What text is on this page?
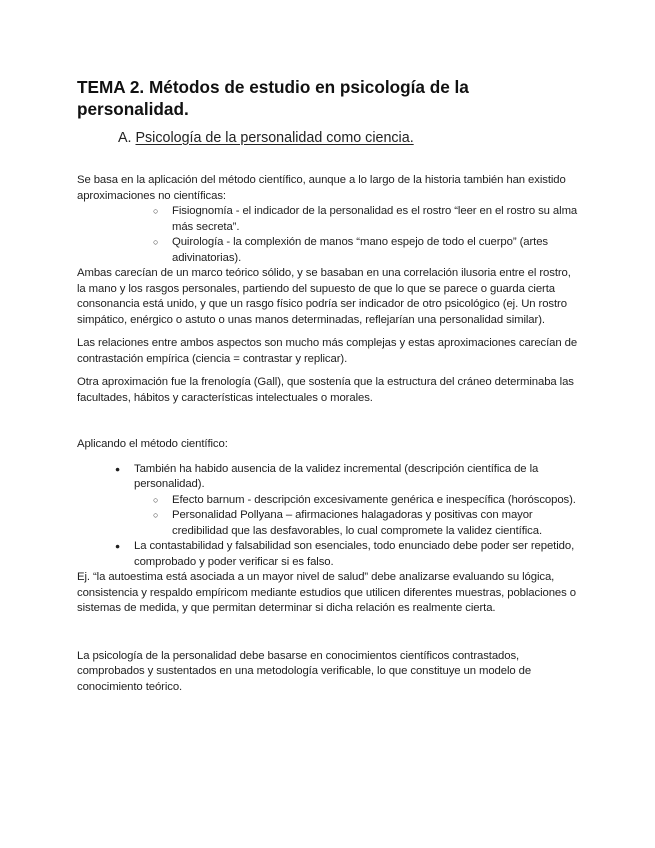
TEMA 2. Métodos de estudio en psicología de la personalidad.
A. Psicología de la personalidad como ciencia.

Se basa en la aplicación del método científico, aunque a lo largo de la historia también han existido aproximaciones no científicas:

○ Fisiognomía - el indicador de la personalidad es el rostro “leer en el rostro su alma más secreta”.
○ Quirología - la complexión de manos “mano espejo de todo el cuerpo” (artes adivinatorias).

Ambas carecían de un marco teórico sólido, y se basaban en una correlación ilusoria entre el rostro, la mano y los rasgos personales, partiendo del supuesto de que lo que se parece o guarda cierta consonancia está unido, y que un rasgo físico podría ser indicador de otro psicológico (ej. Un rostro simpático, enérgico o astuto o unas manos determinadas, reflejarían una personalidad similar).

Las relaciones entre ambos aspectos son mucho más complejas y estas aproximaciones carecían de contrastación empírica (ciencia = contrastar y replicar).

Otra aproximación fue la frenología (Gall), que sostenía que la estructura del cráneo determinaba las facultades, hábitos y características intelectuales o morales.

Aplicando el método científico:

● También ha habido ausencia de la validez incremental (descripción científica de la personalidad).
○ Efecto barnum - descripción excesivamente genérica e inespecífica (horóscopos).
○ Personalidad Pollyana – afirmaciones halagadoras y positivas con mayor credibilidad que las desfavorables, lo cual compromete la validez científica.
● La contastabilidad y falsabilidad son esenciales, todo enunciado debe poder ser repetido, comprobado y poder verificar si es falso.

Ej. “la autoestima está asociada a un mayor nivel de salud” debe analizarse evaluando su lógica, consistencia y respaldo empíricom mediante estudios que utilicen diferentes muestras, poblaciones o sistemas de medida, y que permitan determinar si dicha relación es realmente cierta.

La psicología de la personalidad debe basarse en conocimientos científicos contrastados, comprobados y sustentados en una metodología verificable, lo que constituye un modelo de conocimiento teórico.
